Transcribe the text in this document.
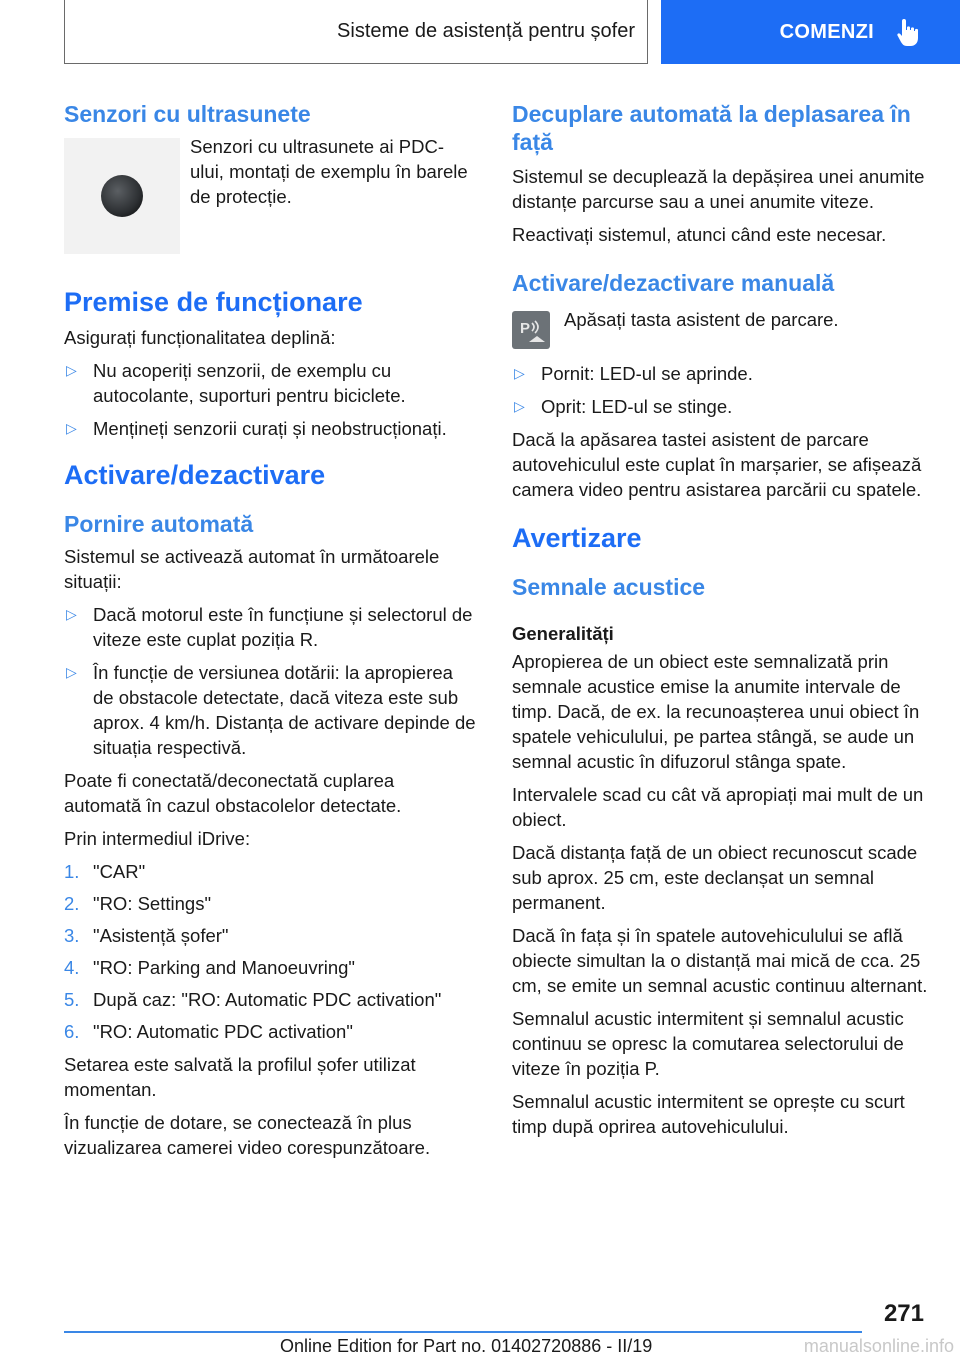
Sisteme de asistență pentru șofer	COMENZI
Senzori cu ultrasunete

Senzori cu ultrasunete ai PDC-ului, montați de exemplu în barele de protecție.

Premise de funcționare

Asigurați funcționalitatea deplină:

▷ Nu acoperiți senzorii, de exemplu cu autocolante, suporturi pentru biciclete.
▷ Mențineți senzorii curați și neobstrucționați.
Activare/dezactivare
Pornire automată

Sistemul se activează automat în următoarele situații:

▷ Dacă motorul este în funcțiune și selectorul de viteze este cuplat poziția R.
▷ În funcție de versiunea dotării: la apropierea de obstacole detectate, dacă viteza este sub aprox. 4 km/h. Distanța de activare depinde de situația respectivă.

Poate fi conectată/deconectată cuplarea automată în cazul obstacolelor detectate.

Prin intermediul iDrive:

1. "CAR"
2. "RO: Settings"
3. "Asistență șofer"
4. "RO: Parking and Manoeuvring"
5. După caz: "RO: Automatic PDC activation"
6. "RO: Automatic PDC activation"

Setarea este salvată la profilul șofer utilizat momentan.

În funcție de dotare, se conectează în plus vizualizarea camerei video corespunzătoare.

Decuplare automată la deplasarea în față

Sistemul se decuplează la depășirea unei anumite distanțe parcurse sau a unei anumite viteze.

Reactivați sistemul, atunci când este necesar.

Activare/dezactivare manuală
P Apăsați tasta asistent de parcare.

▷ Pornit: LED-ul se aprinde.
▷ Oprit: LED-ul se stinge.

Dacă la apăsarea tastei asistent de parcare autovehiculul este cuplat în marșarier, se afișează camera video pentru asistarea parcării cu spatele.

Avertizare
Semnale acustice
Generalități

Apropierea de un obiect este semnalizată prin semnale acustice emise la anumite intervale de timp. Dacă, de ex. la recunoașterea unui obiect în spatele vehiculului, pe partea stângă, se aude un semnal acustic în difuzorul stânga spate.

Intervalele scad cu cât vă apropiați mai mult de un obiect.

Dacă distanța față de un obiect recunoscut scade sub aprox. 25 cm, este declanșat un semnal permanent.

Dacă în fața și în spatele autovehiculului se află obiecte simultan la o distanță mai mică de cca. 25 cm, se emite un semnal acustic continuu alternant.

Semnalul acustic intermitent și semnalul acustic continuu se opresc la comutarea selectorului de viteze în poziția P.

Semnalul acustic intermitent se oprește cu scurt timp după oprirea autovehiculului.

271
Online Edition for Part no. 01402720886 - II/19	manualsonline.info
